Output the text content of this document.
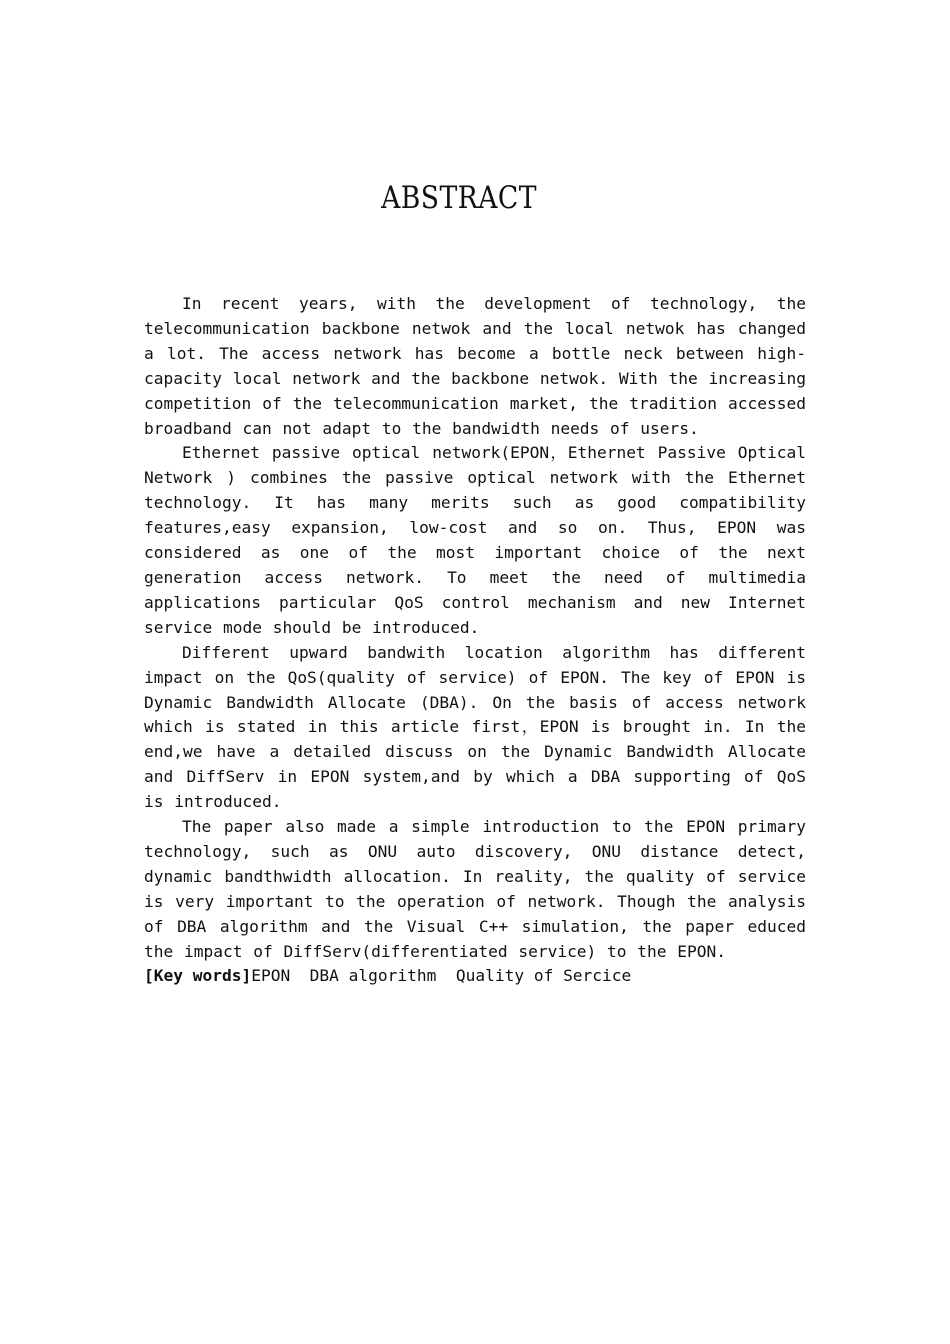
ABSTRACT

In recent years, with the development of technology, the telecommunication backbone netwok and the local netwok has changed a lot. The access network has become a bottle neck between high-capacity local network and the backbone netwok. With the increasing competition of the telecommunication market, the tradition accessed broadband can not adapt to the bandwidth needs of users.

Ethernet passive optical network(EPON，Ethernet Passive Optical Network ) combines the passive optical network with the Ethernet technology. It has many merits such as good compatibility features,easy expansion, low-cost and so on. Thus, EPON was considered as one of the most important choice of the next generation access network. To meet the need of multimedia applications particular QoS control mechanism and new Internet service mode should be introduced.

Different upward bandwith location algorithm has different impact on the QoS(quality of service) of EPON. The key of EPON is Dynamic Bandwidth Allocate (DBA). On the basis of access network which is stated in this article first，EPON is brought in. In the end,we have a detailed discuss on the Dynamic Bandwidth Allocate and DiffServ in EPON system,and by which a DBA supporting of QoS is introduced.

The paper also made a simple introduction to the EPON primary technology, such as ONU auto discovery, ONU distance detect, dynamic bandthwidth allocation. In reality, the quality of service is very important to the operation of network. Though the analysis of DBA algorithm and the Visual C++ simulation, the paper educed the impact of DiffServ(differentiated service) to the EPON.

[Key words]EPON  DBA algorithm  Quality of Sercice
